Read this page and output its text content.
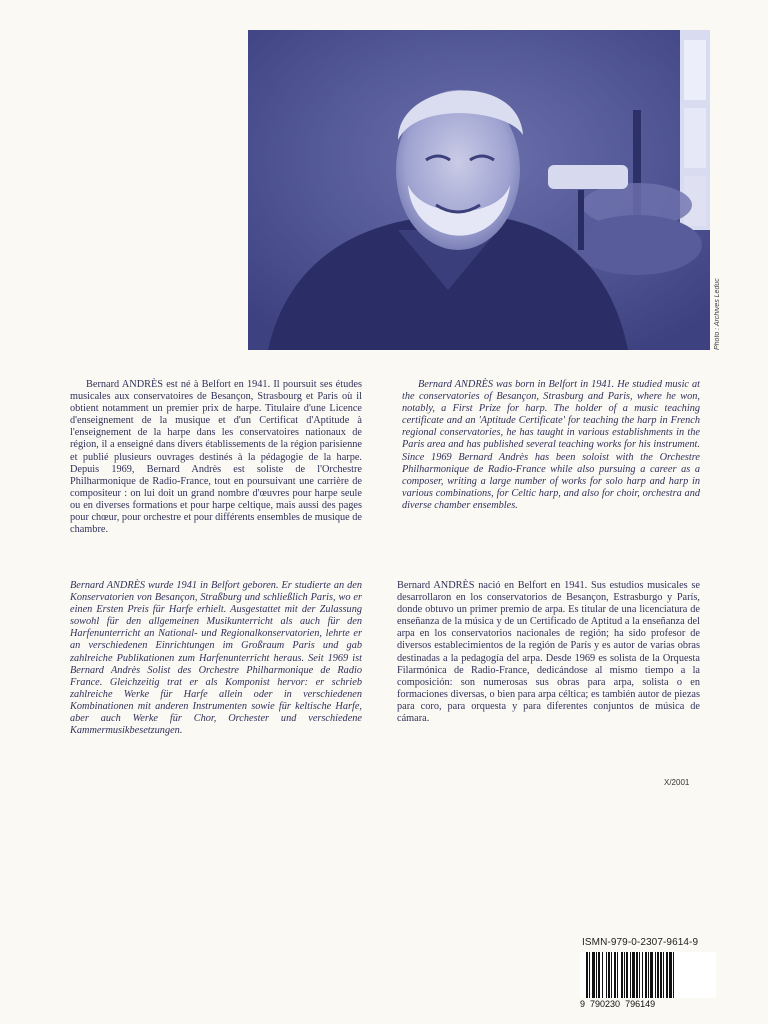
Photo : Archives Leduc

Bernard ANDRÈS est né à Belfort en 1941. Il poursuit ses études musicales aux conservatoires de Besançon, Strasbourg et Paris où il obtient notamment un premier prix de harpe. Titulaire d'une Licence d'enseignement de la musique et d'un Certificat d'Aptitude à l'enseignement de la harpe dans les conservatoires nationaux de région, il a enseigné dans divers établissements de la région parisienne et publié plusieurs ouvrages destinés à la pédagogie de la harpe. Depuis 1969, Bernard Andrès est soliste de l'Orchestre Philharmonique de Radio-France, tout en poursuivant une carrière de compositeur : on lui doit un grand nombre d'œuvres pour harpe seule ou en diverses formations et pour harpe celtique, mais aussi des pages pour chœur, pour orchestre et pour différents ensembles de musique de chambre.

Bernard ANDRÈS was born in Belfort in 1941. He studied music at the conservatories of Besançon, Strasburg and Paris, where he won, notably, a First Prize for harp. The holder of a music teaching certificate and an 'Aptitude Certificate' for teaching the harp in French regional conservatories, he has taught in various establishments in the Paris area and has published several teaching works for his instrument. Since 1969 Bernard Andrès has been soloist with the Orchestre Philharmonique de Radio-France while also pursuing a career as a composer, writing a large number of works for solo harp and harp in various combinations, for Celtic harp, and also for choir, orchestra and diverse chamber ensembles.

Bernard ANDRÈS wurde 1941 in Belfort geboren. Er studierte an den Konservatorien von Besançon, Straßburg und schließlich Paris, wo er einen Ersten Preis für Harfe erhielt. Ausgestattet mit der Zulassung sowohl für den allgemeinen Musikunterricht als auch für den Harfenunterricht an National- und Regionalkonservatorien, lehrte er an verschiedenen Einrichtungen im Großraum Paris und gab zahlreiche Publikationen zum Harfenunterricht heraus. Seit 1969 ist Bernard Andrès Solist des Orchestre Philharmonique de Radio France. Gleichzeitig trat er als Komponist hervor: er schrieb zahlreiche Werke für Harfe allein oder in verschiedenen Kombinationen mit anderen Instrumenten sowie für keltische Harfe, aber auch Werke für Chor, Orchester und verschiedene Kammermusikbesetzungen.

Bernard ANDRÈS nació en Belfort en 1941. Sus estudios musicales se desarrollaron en los conservatorios de Besançon, Estrasburgo y París, donde obtuvo un primer premio de arpa. Es titular de una licenciatura de enseñanza de la música y de un Certificado de Aptitud a la enseñanza del arpa en los conservatorios nacionales de región; ha sido profesor de diversos establecimientos de la región de París y es autor de varias obras destinadas a la pedagogía del arpa. Desde 1969 es solista de la Orquesta Filarmónica de Radio-France, dedicándose al mismo tiempo a la composición: son numerosas sus obras para arpa, solista o en formaciones diversas, o bien para arpa céltica; es también autor de piezas para coro, para orquesta y para diferentes conjuntos de música de cámara.

X/2001
ISMN-979-0-2307-9614-9
9 790230 796149
